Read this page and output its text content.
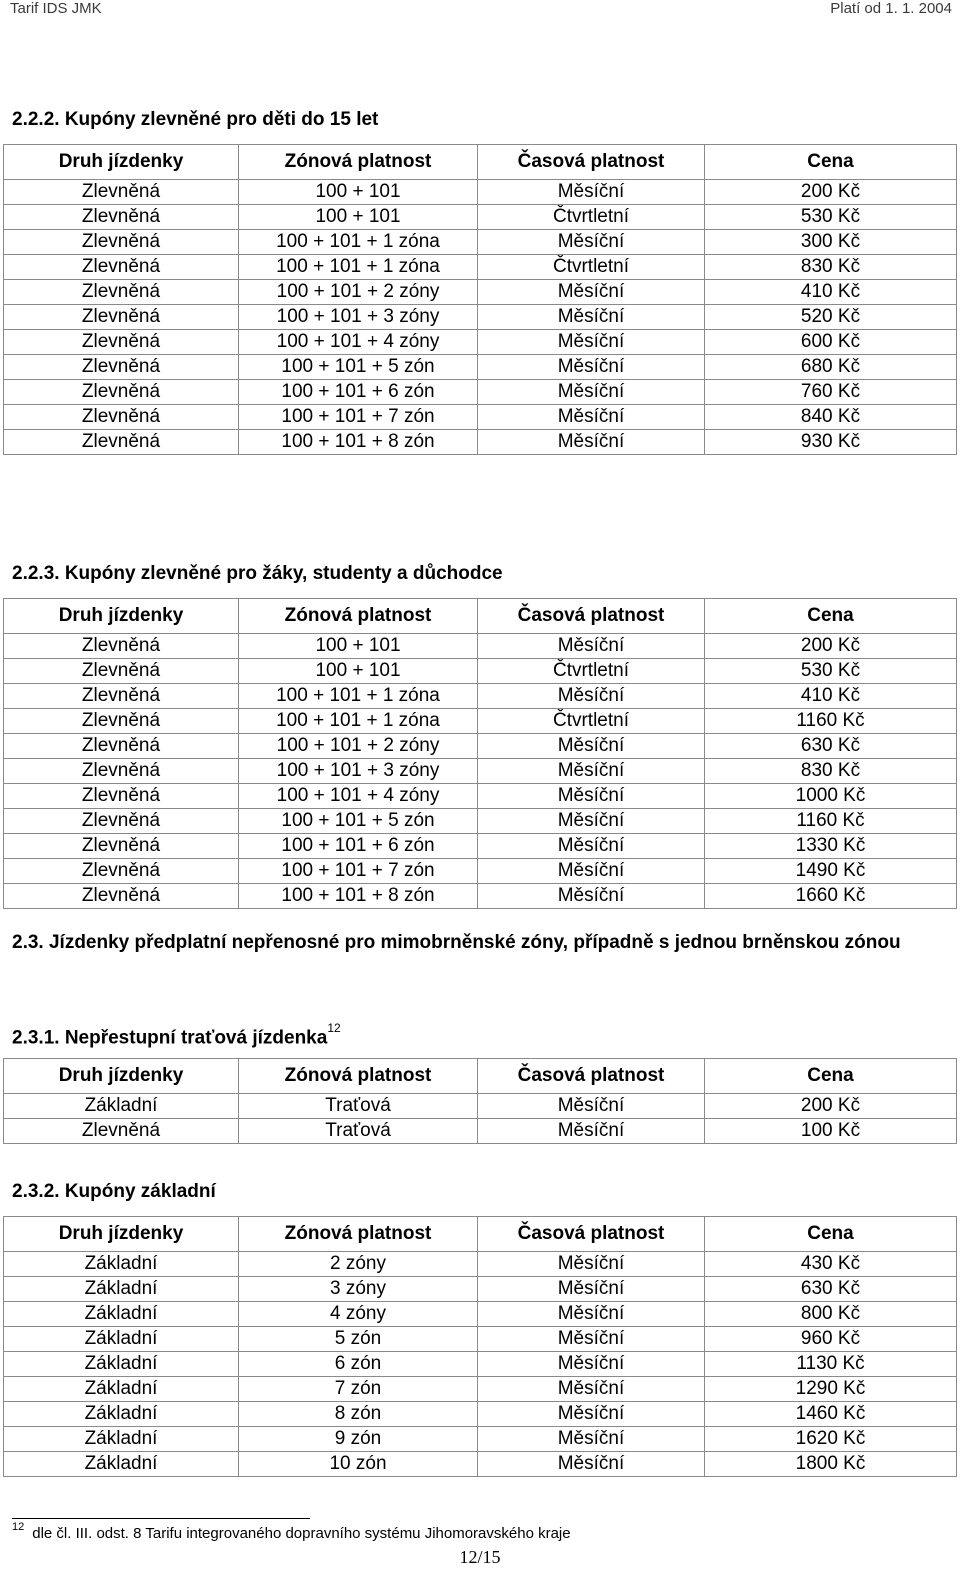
Tarif IDS JMK	Platí od 1. 1. 2004
2.2.2. Kupóny zlevněné pro děti do 15 let
Druh jízdenky	Zónová platnost	Časová platnost	Cena
Zlevněná	100 + 101	Měsíční	200 Kč
Zlevněná	100 + 101	Čtvrtletní	530 Kč
Zlevněná	100 + 101 + 1 zóna	Měsíční	300 Kč
Zlevněná	100 + 101 + 1 zóna	Čtvrtletní	830 Kč
Zlevněná	100 + 101 + 2 zóny	Měsíční	410 Kč
Zlevněná	100 + 101 + 3 zóny	Měsíční	520 Kč
Zlevněná	100 + 101 + 4 zóny	Měsíční	600 Kč
Zlevněná	100 + 101 + 5 zón	Měsíční	680 Kč
Zlevněná	100 + 101 + 6 zón	Měsíční	760 Kč
Zlevněná	100 + 101 + 7 zón	Měsíční	840 Kč
Zlevněná	100 + 101 + 8 zón	Měsíční	930 Kč
2.2.3. Kupóny zlevněné pro žáky, studenty a důchodce
Druh jízdenky	Zónová platnost	Časová platnost	Cena
Zlevněná	100 + 101	Měsíční	200 Kč
Zlevněná	100 + 101	Čtvrtletní	530 Kč
Zlevněná	100 + 101 + 1 zóna	Měsíční	410 Kč
Zlevněná	100 + 101 + 1 zóna	Čtvrtletní	1160 Kč
Zlevněná	100 + 101 + 2 zóny	Měsíční	630 Kč
Zlevněná	100 + 101 + 3 zóny	Měsíční	830 Kč
Zlevněná	100 + 101 + 4 zóny	Měsíční	1000 Kč
Zlevněná	100 + 101 + 5 zón	Měsíční	1160 Kč
Zlevněná	100 + 101 + 6 zón	Měsíční	1330 Kč
Zlevněná	100 + 101 + 7 zón	Měsíční	1490 Kč
Zlevněná	100 + 101 + 8 zón	Měsíční	1660 Kč
2.3. Jízdenky předplatní nepřenosné pro mimobrněnské zóny, případně s jednou brněnskou zónou
2.3.1. Nepřestupní traťová jízdenka$^{12}$
Druh jízdenky	Zónová platnost	Časová platnost	Cena
Základní	Traťová	Měsíční	200 Kč
Zlevněná	Traťová	Měsíční	100 Kč
2.3.2. Kupóny základní
Druh jízdenky	Zónová platnost	Časová platnost	Cena
Základní	2 zóny	Měsíční	430 Kč
Základní	3 zóny	Měsíční	630 Kč
Základní	4 zóny	Měsíční	800 Kč
Základní	5 zón	Měsíční	960 Kč
Základní	6 zón	Měsíční	1130 Kč
Základní	7 zón	Měsíční	1290 Kč
Základní	8 zón	Měsíční	1460 Kč
Základní	9 zón	Měsíční	1620 Kč
Základní	10 zón	Měsíční	1800 Kč
$^{12}$ dle čl. III. odst. 8 Tarifu integrovaného dopravního systému Jihomoravského kraje
12/15
